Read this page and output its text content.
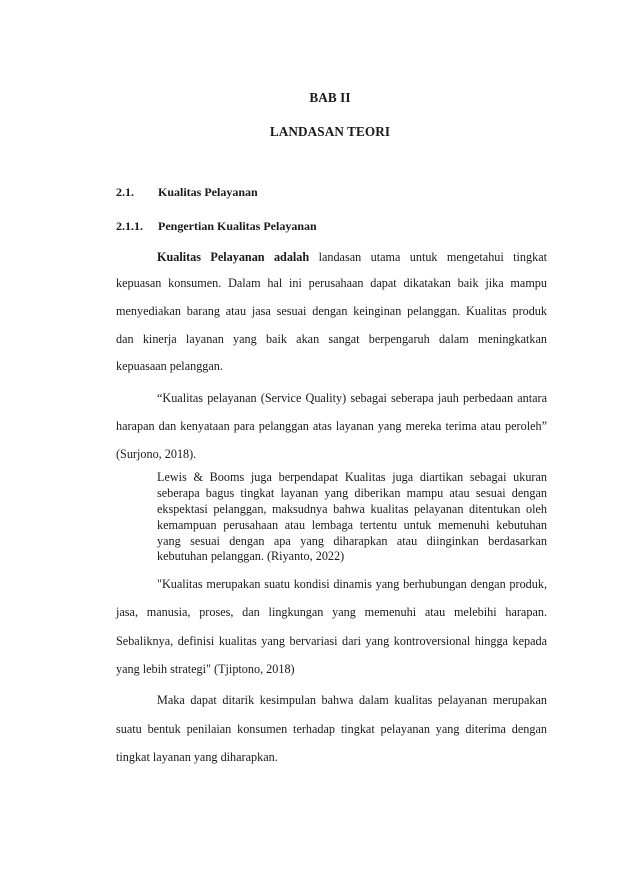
BAB II
LANDASAN TEORI
2.1. Kualitas Pelayanan
2.1.1. Pengertian Kualitas Pelayanan
Kualitas Pelayanan adalah landasan utama untuk mengetahui tingkat
kepuasan konsumen. Dalam hal ini perusahaan dapat dikatakan baik jika mampu
menyediakan barang atau jasa sesuai dengan keinginan pelanggan. Kualitas produk
dan kinerja layanan yang baik akan sangat berpengaruh dalam meningkatkan
kepuasaan pelanggan.
“Kualitas pelayanan (Service Quality) sebagai seberapa jauh perbedaan antara
harapan dan kenyataan para pelanggan atas layanan yang mereka terima atau peroleh”
(Surjono, 2018).
Lewis & Booms juga berpendapat Kualitas juga diartikan sebagai ukuran
seberapa bagus tingkat layanan yang diberikan mampu atau sesuai dengan
ekspektasi pelanggan, maksudnya bahwa kualitas pelayanan ditentukan oleh
kemampuan perusahaan atau lembaga tertentu untuk memenuhi kebutuhan
yang sesuai dengan apa yang diharapkan atau diinginkan berdasarkan
kebutuhan pelanggan. (Riyanto, 2022)
"Kualitas merupakan suatu kondisi dinamis yang berhubungan dengan produk,
jasa, manusia, proses, dan lingkungan yang memenuhi atau melebihi harapan.
Sebaliknya, definisi kualitas yang bervariasi dari yang kontroversional hingga kepada
yang lebih strategi" (Tjiptono, 2018)
Maka dapat ditarik kesimpulan bahwa dalam kualitas pelayanan merupakan
suatu bentuk penilaian konsumen terhadap tingkat pelayanan yang diterima dengan
tingkat layanan yang diharapkan.
